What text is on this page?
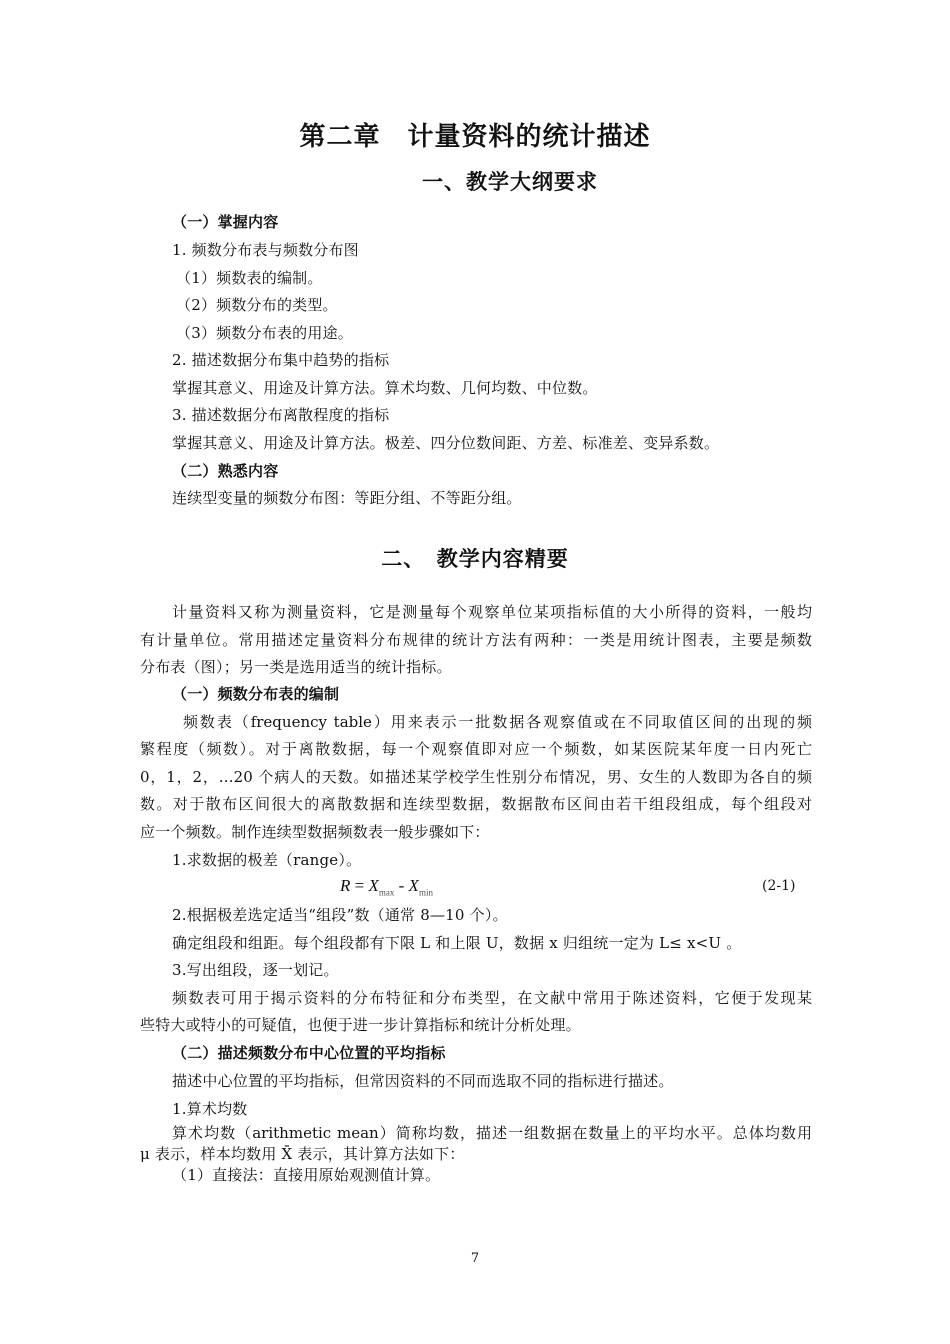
第二章　计量资料的统计描述
一、教学大纲要求
（一）掌握内容
1. 频数分布表与频数分布图
（1）频数表的编制。
（2）频数分布的类型。
（3）频数分布表的用途。
2. 描述数据分布集中趋势的指标
掌握其意义、用途及计算方法。算术均数、几何均数、中位数。
3. 描述数据分布离散程度的指标
掌握其意义、用途及计算方法。极差、四分位数间距、方差、标准差、变异系数。
（二）熟悉内容
连续型变量的频数分布图：等距分组、不等距分组。
二、　教学内容精要
计量资料又称为测量资料，它是测量每个观察单位某项指标值的大小所得的资料，一般均
有计量单位。常用描述定量资料分布规律的统计方法有两种：一类是用统计图表，主要是频数
分布表（图）；另一类是选用适当的统计指标。
（一）频数分布表的编制
频数表（frequency table）用来表示一批数据各观察值或在不同取值区间的出现的频
繁程度（频数）。对于离散数据，每一个观察值即对应一个频数，如某医院某年度一日内死亡
0，1，2，…20 个病人的天数。如描述某学校学生性别分布情况，男、女生的人数即为各自的频
数。对于散布区间很大的离散数据和连续型数据，数据散布区间由若干组段组成，每个组段对
应一个频数。制作连续型数据频数表一般步骤如下：
1.求数据的极差（range）。
$R = X_{max} - X_{min}$	(2-1)
2.根据极差选定适当“组段”数（通常 8—10 个）。
确定组段和组距。每个组段都有下限 L 和上限 U，数据 x 归组统一定为 L≤ x<U 。
3.写出组段，逐一划记。
频数表可用于揭示资料的分布特征和分布类型，在文献中常用于陈述资料，它便于发现某
些特大或特小的可疑值，也便于进一步计算指标和统计分析处理。
（二）描述频数分布中心位置的平均指标
描述中心位置的平均指标，但常因资料的不同而选取不同的指标进行描述。
1.算术均数
算术均数（arithmetic mean）简称均数，描述一组数据在数量上的平均水平。总体均数用
μ 表示，样本均数用 X̄ 表示，其计算方法如下：
（1）直接法：直接用原始观测值计算。
7
